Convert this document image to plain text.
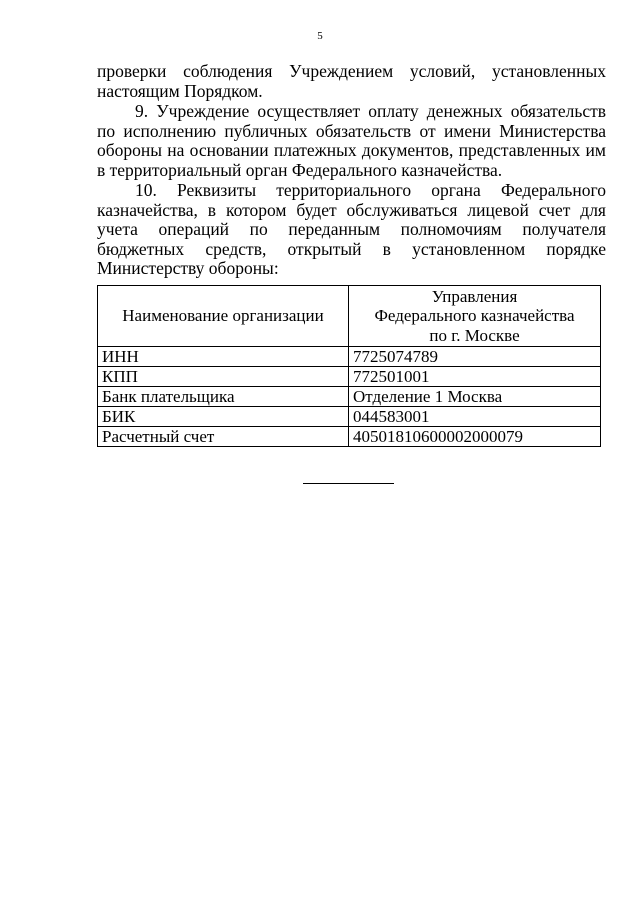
5

проверки соблюдения Учреждением условий, установленных настоящим Порядком.

9. Учреждение осуществляет оплату денежных обязательств по исполнению публичных обязательств от имени Министерства обороны на основании платежных документов, представленных им в территориальный орган Федерального казначейства.

10. Реквизиты территориального органа Федерального казначейства, в котором будет обслуживаться лицевой счет для учета операций по переданным полномочиям получателя бюджетных средств, открытый в установленном порядке Министерству обороны:

Наименование организации	Управления
Федерального казначейства
по г. Москве

ИНН	7725074789
КПП	772501001
Банк плательщика	Отделение 1 Москва
БИК	044583001
Расчетный счет	40501810600002000079
